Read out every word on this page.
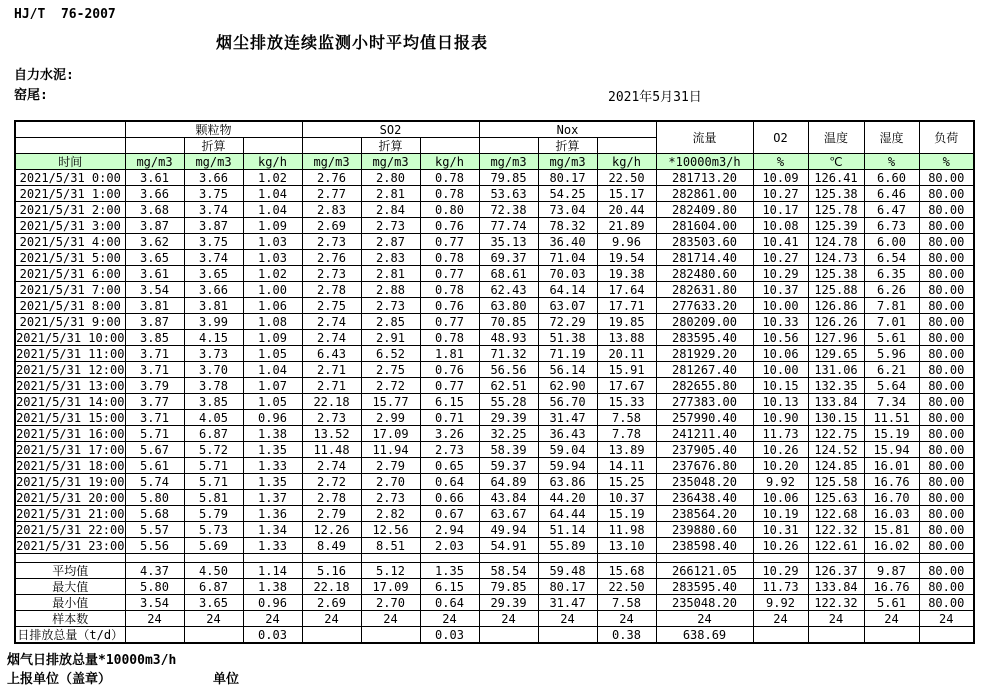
HJ/T  76-2007
烟尘排放连续监测小时平均值日报表
自力水泥:
窑尾:	2021年5月31日
	颗粒物			SO2			Nox			流量	O2	温度	湿度	负荷
		折算			折算			折算						
时间	mg/m3	mg/m3	kg/h	mg/m3	mg/m3	kg/h	mg/m3	mg/m3	kg/h	*10000m3/h	%	℃	%	%
2021/5/31 0:00	3.61	3.66	1.02	2.76	2.80	0.78	79.85	80.17	22.50	281713.20	10.09	126.41	6.60	80.00
2021/5/31 1:00	3.66	3.75	1.04	2.77	2.81	0.78	53.63	54.25	15.17	282861.00	10.27	125.38	6.46	80.00
2021/5/31 2:00	3.68	3.74	1.04	2.83	2.84	0.80	72.38	73.04	20.44	282409.80	10.17	125.78	6.47	80.00
2021/5/31 3:00	3.87	3.87	1.09	2.69	2.73	0.76	77.74	78.32	21.89	281604.00	10.08	125.39	6.73	80.00
2021/5/31 4:00	3.62	3.75	1.03	2.73	2.87	0.77	35.13	36.40	9.96	283503.60	10.41	124.78	6.00	80.00
2021/5/31 5:00	3.65	3.74	1.03	2.76	2.83	0.78	69.37	71.04	19.54	281714.40	10.27	124.73	6.54	80.00
2021/5/31 6:00	3.61	3.65	1.02	2.73	2.81	0.77	68.61	70.03	19.38	282480.60	10.29	125.38	6.35	80.00
2021/5/31 7:00	3.54	3.66	1.00	2.78	2.88	0.78	62.43	64.14	17.64	282631.80	10.37	125.88	6.26	80.00
2021/5/31 8:00	3.81	3.81	1.06	2.75	2.73	0.76	63.80	63.07	17.71	277633.20	10.00	126.86	7.81	80.00
2021/5/31 9:00	3.87	3.99	1.08	2.74	2.85	0.77	70.85	72.29	19.85	280209.00	10.33	126.26	7.01	80.00
2021/5/31 10:00	3.85	4.15	1.09	2.74	2.91	0.78	48.93	51.38	13.88	283595.40	10.56	127.96	5.61	80.00
2021/5/31 11:00	3.71	3.73	1.05	6.43	6.52	1.81	71.32	71.19	20.11	281929.20	10.06	129.65	5.96	80.00
2021/5/31 12:00	3.71	3.70	1.04	2.71	2.75	0.76	56.56	56.14	15.91	281267.40	10.00	131.06	6.21	80.00
2021/5/31 13:00	3.79	3.78	1.07	2.71	2.72	0.77	62.51	62.90	17.67	282655.80	10.15	132.35	5.64	80.00
2021/5/31 14:00	3.77	3.85	1.05	22.18	15.77	6.15	55.28	56.70	15.33	277383.00	10.13	133.84	7.34	80.00
2021/5/31 15:00	3.71	4.05	0.96	2.73	2.99	0.71	29.39	31.47	7.58	257990.40	10.90	130.15	11.51	80.00
2021/5/31 16:00	5.71	6.87	1.38	13.52	17.09	3.26	32.25	36.43	7.78	241211.40	11.73	122.75	15.19	80.00
2021/5/31 17:00	5.67	5.72	1.35	11.48	11.94	2.73	58.39	59.04	13.89	237905.40	10.26	124.52	15.94	80.00
2021/5/31 18:00	5.61	5.71	1.33	2.74	2.79	0.65	59.37	59.94	14.11	237676.80	10.20	124.85	16.01	80.00
2021/5/31 19:00	5.74	5.71	1.35	2.72	2.70	0.64	64.89	63.86	15.25	235048.20	9.92	125.58	16.76	80.00
2021/5/31 20:00	5.80	5.81	1.37	2.78	2.73	0.66	43.84	44.20	10.37	236438.40	10.06	125.63	16.70	80.00
2021/5/31 21:00	5.68	5.79	1.36	2.79	2.82	0.67	63.67	64.44	15.19	238564.20	10.19	122.68	16.03	80.00
2021/5/31 22:00	5.57	5.73	1.34	12.26	12.56	2.94	49.94	51.14	11.98	239880.60	10.31	122.32	15.81	80.00
2021/5/31 23:00	5.56	5.69	1.33	8.49	8.51	2.03	54.91	55.89	13.10	238598.40	10.26	122.61	16.02	80.00

平均值	4.37	4.50	1.14	5.16	5.12	1.35	58.54	59.48	15.68	266121.05	10.29	126.37	9.87	80.00
最大值	5.80	6.87	1.38	22.18	17.09	6.15	79.85	80.17	22.50	283595.40	11.73	133.84	16.76	80.00
最小值	3.54	3.65	0.96	2.69	2.70	0.64	29.39	31.47	7.58	235048.20	9.92	122.32	5.61	80.00
样本数	24	24	24	24	24	24	24	24	24	24	24	24	24	24
日排放总量（t/d）			0.03			0.03			0.38	638.69				
烟气日排放总量*10000m3/h
上报单位（盖章）	单位
